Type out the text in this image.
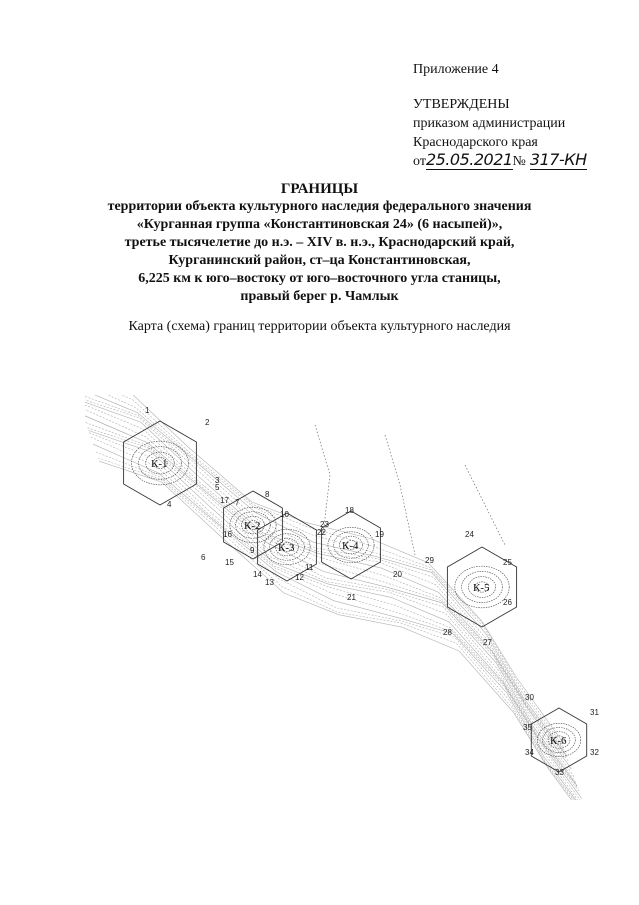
Приложение 4
УТВЕРЖДЕНЫ
приказом администрации
Краснодарского края
от25.05.2021№ 317-КН
ГРАНИЦЫ
территории объекта культурного наследия федерального значения
«Курганная группа «Константиновская 24» (6 насыпей)»,
третье тысячелетие до н.э. – XIV в. н.э., Краснодарский край,
Курганинский район, ст–ца Константиновская,
6,225 км к юго–востоку от юго–восточного угла станицы,
правый берег р. Чамлык
Карта (схема) границ территории объекта культурного наследия
К-1
К-2
К-3	К-4
К-5
К-6
1
2
3
4
5
6
7
8
9
10
11
12
13
14
15
16
17
18
19
20
21
22
23
24
25
26
27
28
29
30
31
32
33
34
35
